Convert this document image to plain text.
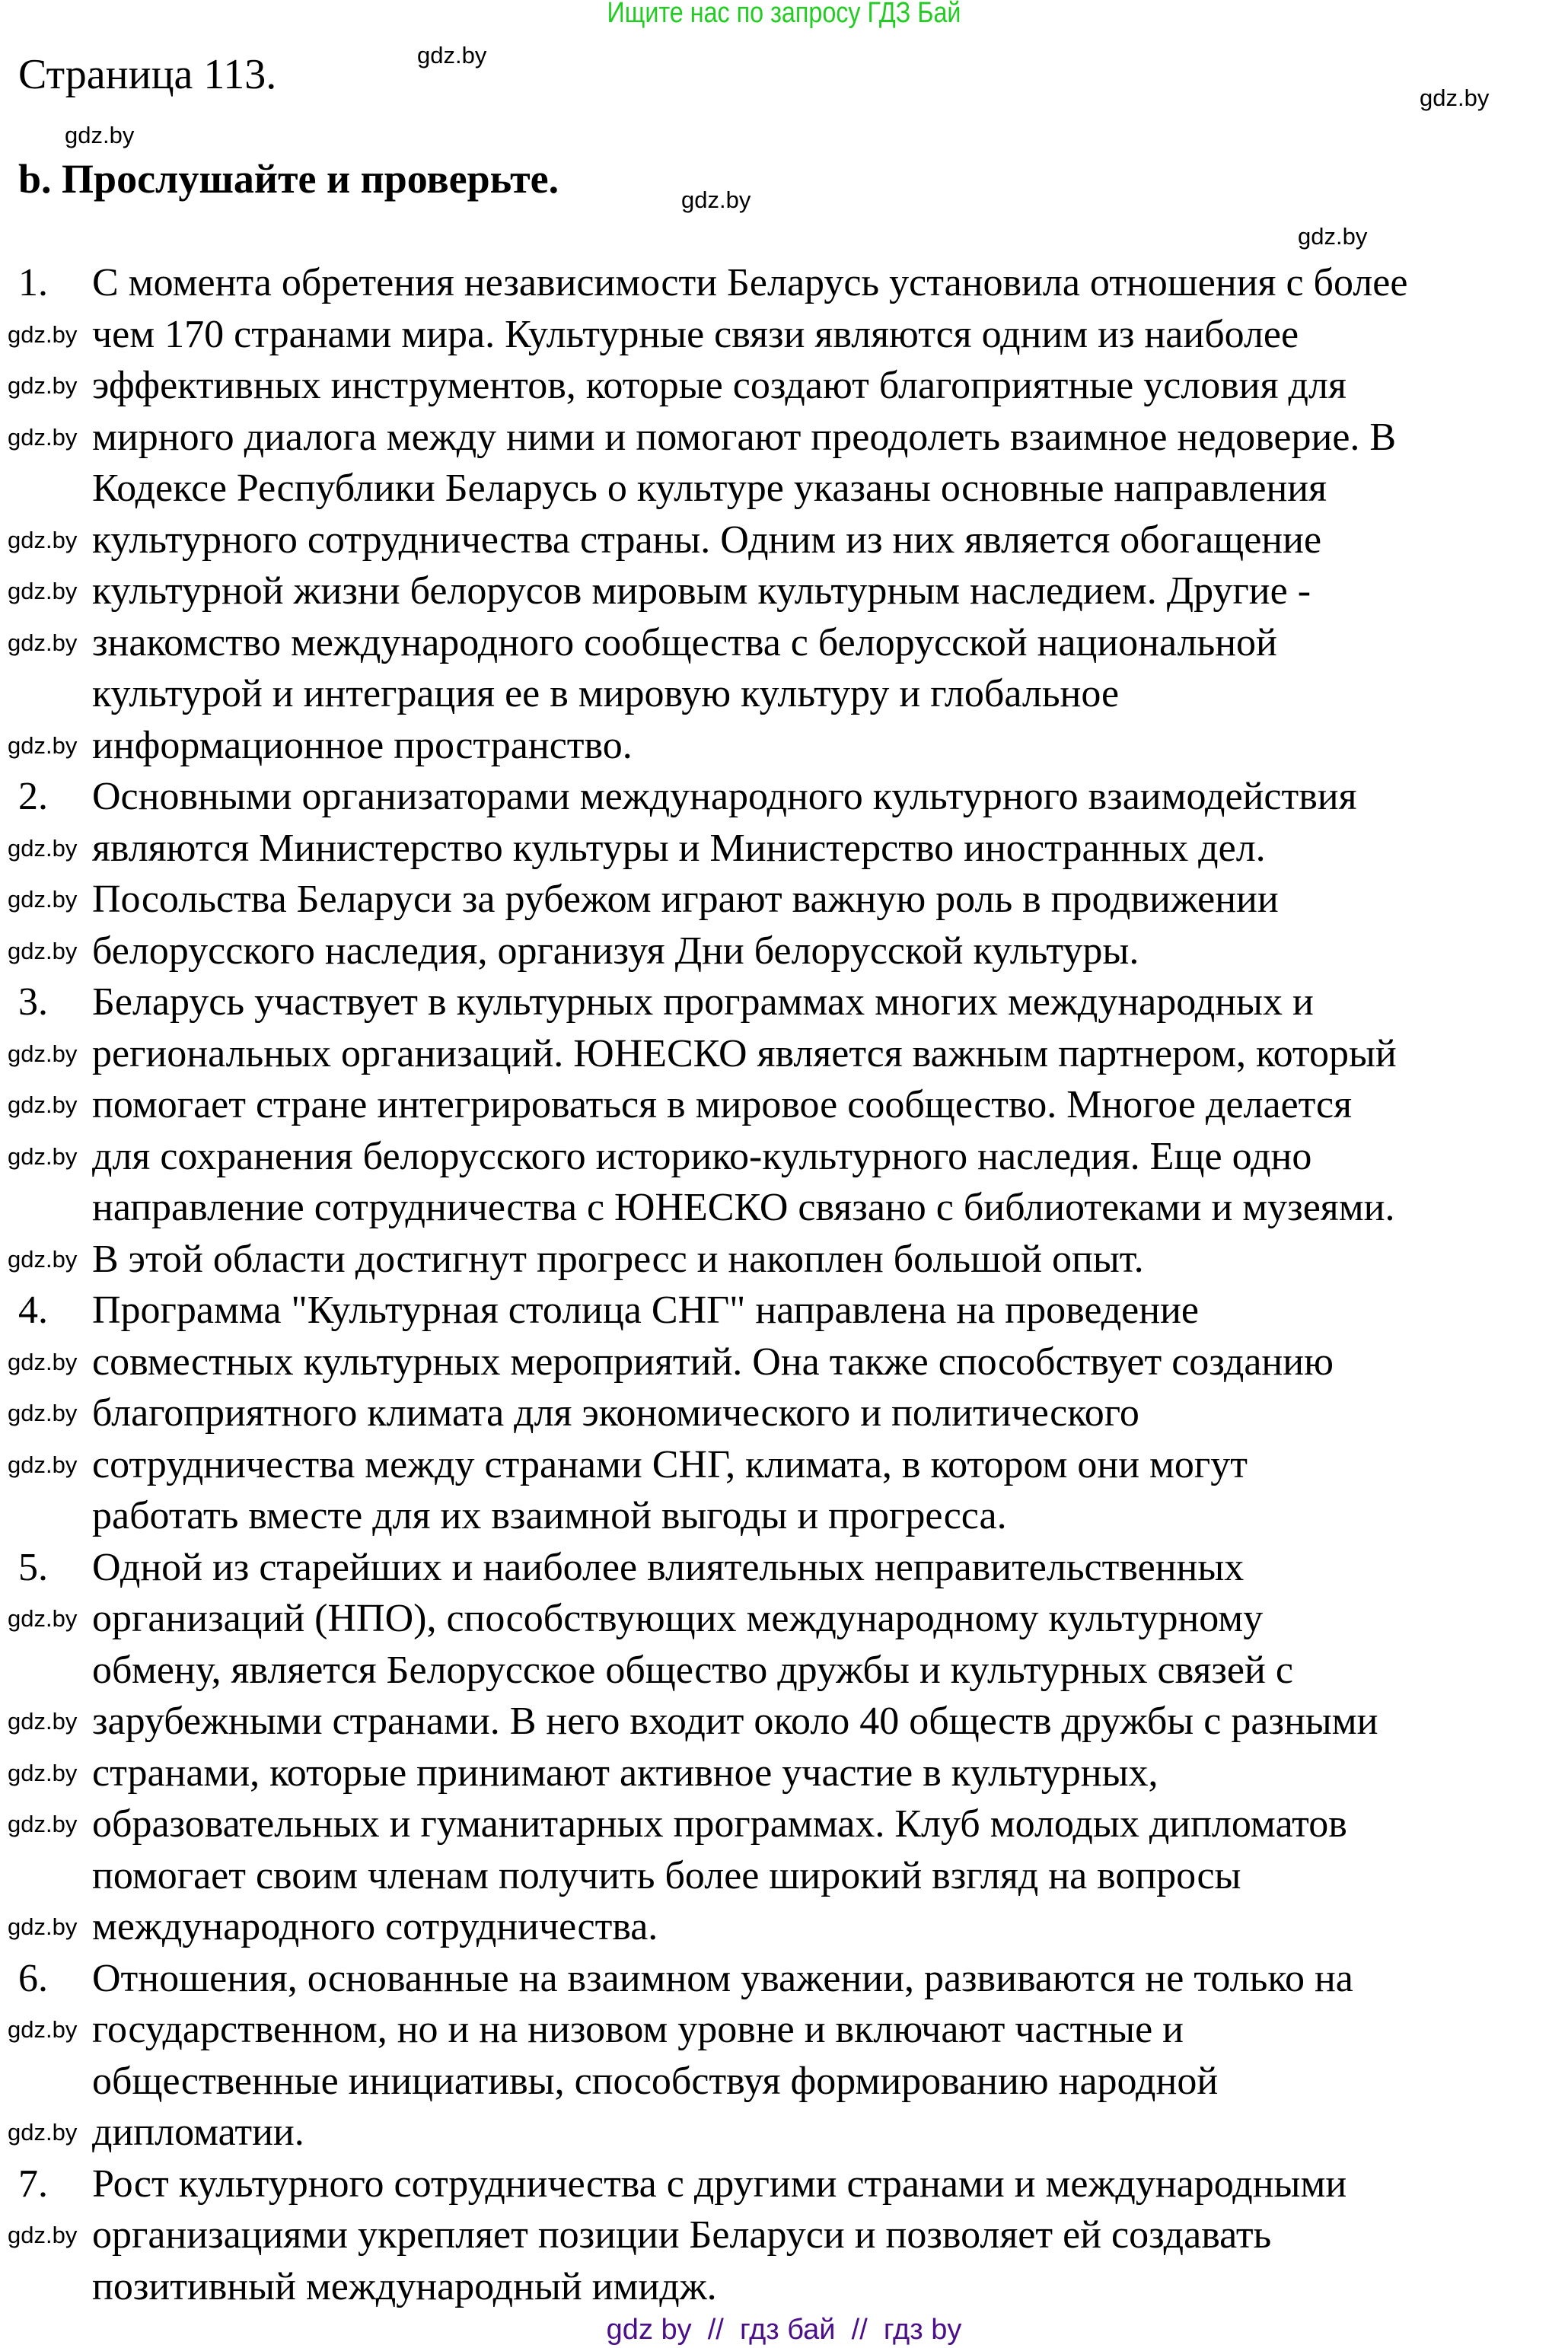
Ищите нас по запросу ГДЗ Бай
Страница 113.
b. Прослушайте и проверьте.
1. С момента обретения независимости Беларусь установила отношения с более
чем 170 странами мира. Культурные связи являются одним из наиболее
эффективных инструментов, которые создают благоприятные условия для
мирного диалога между ними и помогают преодолеть взаимное недоверие. В
Кодексе Республики Беларусь о культуре указаны основные направления
культурного сотрудничества страны. Одним из них является обогащение
культурной жизни белорусов мировым культурным наследием. Другие -
знакомство международного сообщества с белорусской национальной
культурой и интеграция ее в мировую культуру и глобальное
информационное пространство.
2. Основными организаторами международного культурного взаимодействия
являются Министерство культуры и Министерство иностранных дел.
Посольства Беларуси за рубежом играют важную роль в продвижении
белорусского наследия, организуя Дни белорусской культуры.
3. Беларусь участвует в культурных программах многих международных и
региональных организаций. ЮНЕСКО является важным партнером, который
помогает стране интегрироваться в мировое сообщество. Многое делается
для сохранения белорусского историко-культурного наследия. Еще одно
направление сотрудничества с ЮНЕСКО связано с библиотеками и музеями.
В этой области достигнут прогресс и накоплен большой опыт.
4. Программа "Культурная столица СНГ" направлена на проведение
совместных культурных мероприятий. Она также способствует созданию
благоприятного климата для экономического и политического
сотрудничества между странами СНГ, климата, в котором они могут
работать вместе для их взаимной выгоды и прогресса.
5. Одной из старейших и наиболее влиятельных неправительственных
организаций (НПО), способствующих международному культурному
обмену, является Белорусское общество дружбы и культурных связей с
зарубежными странами. В него входит около 40 обществ дружбы с разными
странами, которые принимают активное участие в культурных,
образовательных и гуманитарных программах. Клуб молодых дипломатов
помогает своим членам получить более широкий взгляд на вопросы
международного сотрудничества.
6. Отношения, основанные на взаимном уважении, развиваются не только на
государственном, но и на низовом уровне и включают частные и
общественные инициативы, способствуя формированию народной
дипломатии.
7. Рост культурного сотрудничества с другими странами и международными
организациями укрепляет позиции Беларуси и позволяет ей создавать
позитивный международный имидж.
gdz.by
gdz.by
gdz.by
gdz.by
gdz.by
gdz.by
gdz.by
gdz.by
gdz.by
gdz.by
gdz.by
gdz.by
gdz.by
gdz.by
gdz.by
gdz.by
gdz.by
gdz.by
gdz.by
gdz.by
gdz.by
gdz.by
gdz.by
gdz.by
gdz.by
gdz.by
gdz.by
gdz.by
gdz.by
gdz.by
gdz by  //  гдз бай  //  гдз by
